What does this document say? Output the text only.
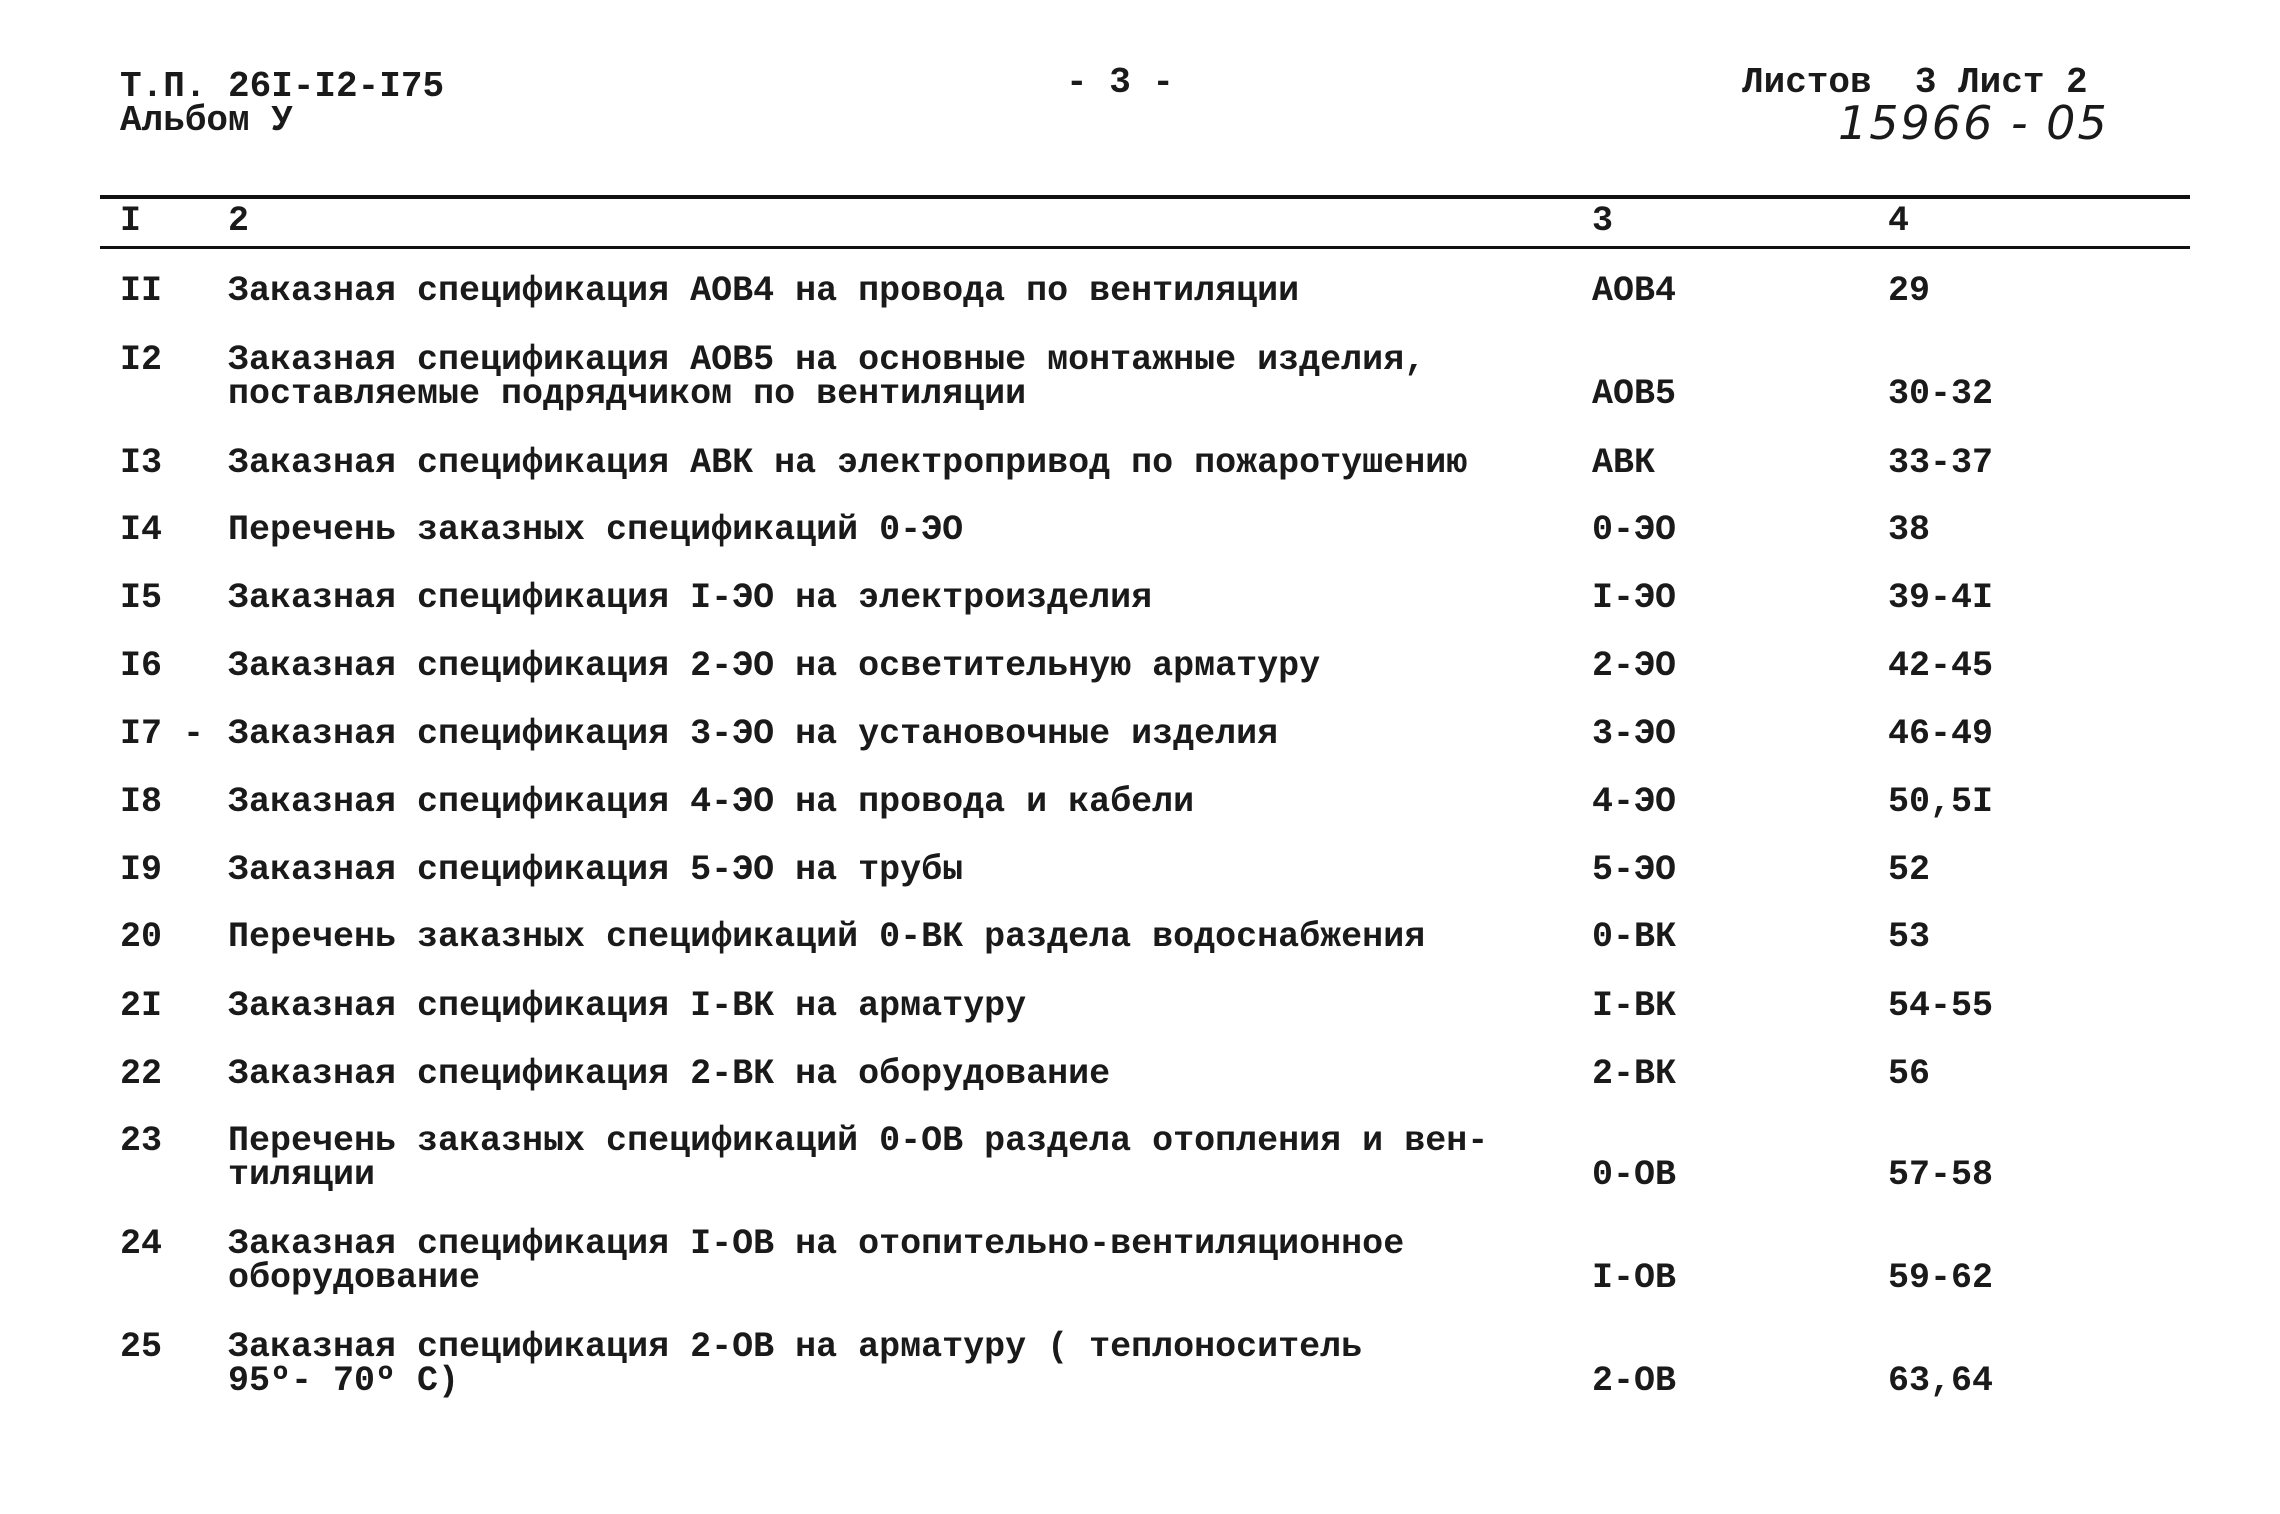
Т.П. 26I-I2-I75
Альбом У
- 3 -	Листов  3 Лист 2
15966 - 05
I 2	3	4
II Заказная спецификация АОВ4 на провода по вентиляции	АОВ4	29
I2 Заказная спецификация АОВ5 на основные монтажные изделия,
поставляемые подрядчиком по вентиляции	АОВ5	30-32
I3 Заказная спецификация АВК на электропривод по пожаротушению	АВК	33-37
I4 Перечень заказных спецификаций 0-ЭО	0-ЭО	38
I5 Заказная спецификация I-ЭО на электроизделия	I-ЭО	39-4I
I6 Заказная спецификация 2-ЭО на осветительную арматуру	2-ЭО	42-45
I7 - Заказная спецификация 3-ЭО на установочные изделия	3-ЭО	46-49
I8 Заказная спецификация 4-ЭО на провода и кабели	4-ЭО	50,5I
I9 Заказная спецификация 5-ЭО на трубы	5-ЭО	52
20 Перечень заказных спецификаций 0-ВК раздела водоснабжения	0-ВК	53
2I Заказная спецификация I-ВК на арматуру	I-ВК	54-55
22 Заказная спецификация 2-ВК на оборудование	2-ВК	56
23 Перечень заказных спецификаций 0-ОВ раздела отопления и вен-
тиляции	0-ОВ	57-58
24 Заказная спецификация I-ОВ на отопительно-вентиляционное
оборудование	I-ОВ	59-62
25 Заказная спецификация 2-ОВ на арматуру ( теплоноситель
95º- 70º С)	2-ОВ	63,64
